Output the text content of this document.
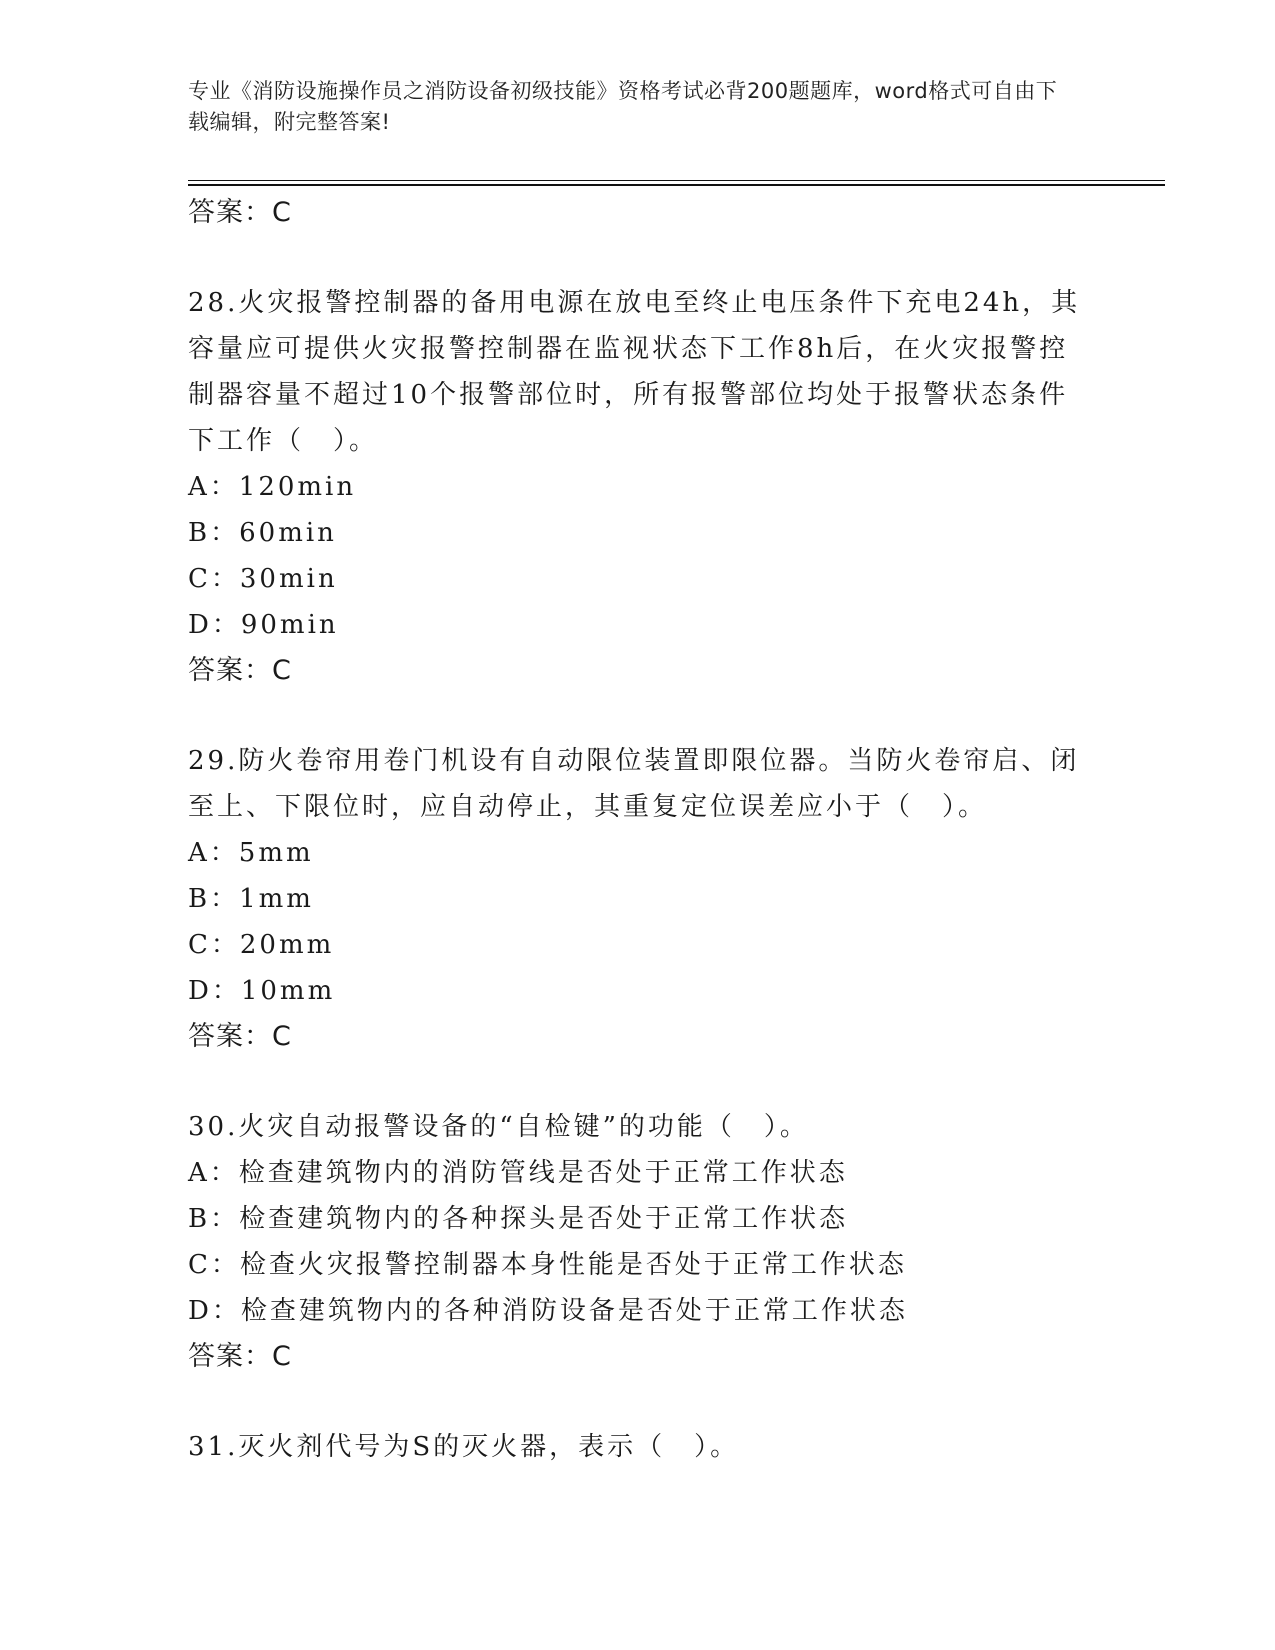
专业《消防设施操作员之消防设备初级技能》资格考试必背200题题库，word格式可自由下载编辑，附完整答案!
答案：C
28.火灾报警控制器的备用电源在放电至终止电压条件下充电24h，其
容量应可提供火灾报警控制器在监视状态下工作8h后，在火灾报警控
制器容量不超过10个报警部位时，所有报警部位均处于报警状态条件
下工作（　）。
A：120min
B：60min
C：30min
D：90min
答案：C
29.防火卷帘用卷门机设有自动限位装置即限位器。当防火卷帘启、闭
至上、下限位时，应自动停止，其重复定位误差应小于（　）。
A：5mm
B：1mm
C：20mm
D：10mm
答案：C
30.火灾自动报警设备的“自检键”的功能（　）。
A：检查建筑物内的消防管线是否处于正常工作状态
B：检查建筑物内的各种探头是否处于正常工作状态
C：检查火灾报警控制器本身性能是否处于正常工作状态
D：检查建筑物内的各种消防设备是否处于正常工作状态
答案：C
31.灭火剂代号为S的灭火器，表示（　）。
